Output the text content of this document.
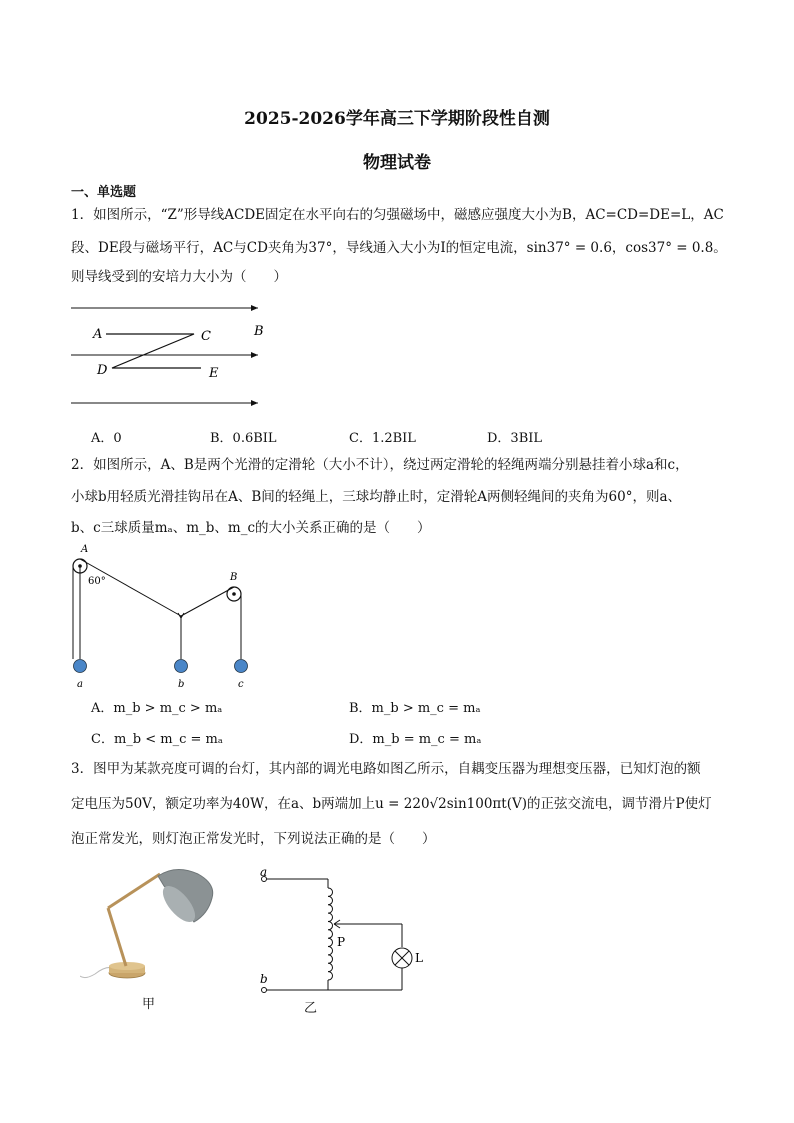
2025-2026学年高三下学期阶段性自测
物理试卷
一、单选题
1．如图所示，“Z”形导线ACDE固定在水平向右的匀强磁场中，磁感应强度大小为B，AC=CD=DE=L，AC
段、DE段与磁场平行，AC与CD夹角为37°，导线通入大小为I的恒定电流，sin37° = 0.6，cos37° = 0.8。
则导线受到的安培力大小为（　　）
A	C	B
D	E
A．0	B．0.6BIL	C．1.2BIL	D．3BIL
2．如图所示，A、B是两个光滑的定滑轮（大小不计），绕过两定滑轮的轻绳两端分别悬挂着小球a和c，
小球b用轻质光滑挂钩吊在A、B间的轻绳上，三球均静止时，定滑轮A两侧轻绳间的夹角为60°，则a、
b、c三球质量mₐ、m_b、m_c的大小关系正确的是（　　）
A
B
60°
a	b	c
A．m_b > m_c > mₐ	B．m_b > m_c = mₐ
C．m_b < m_c = mₐ	D．m_b = m_c = mₐ
3．图甲为某款亮度可调的台灯，其内部的调光电路如图乙所示，自耦变压器为理想变压器，已知灯泡的额
定电压为50V，额定功率为40W，在a、b两端加上u = 220√2sin100πt(V)的正弦交流电，调节滑片P使灯
泡正常发光，则灯泡正常发光时，下列说法正确的是（　　）
甲
a
b
P
L
乙
